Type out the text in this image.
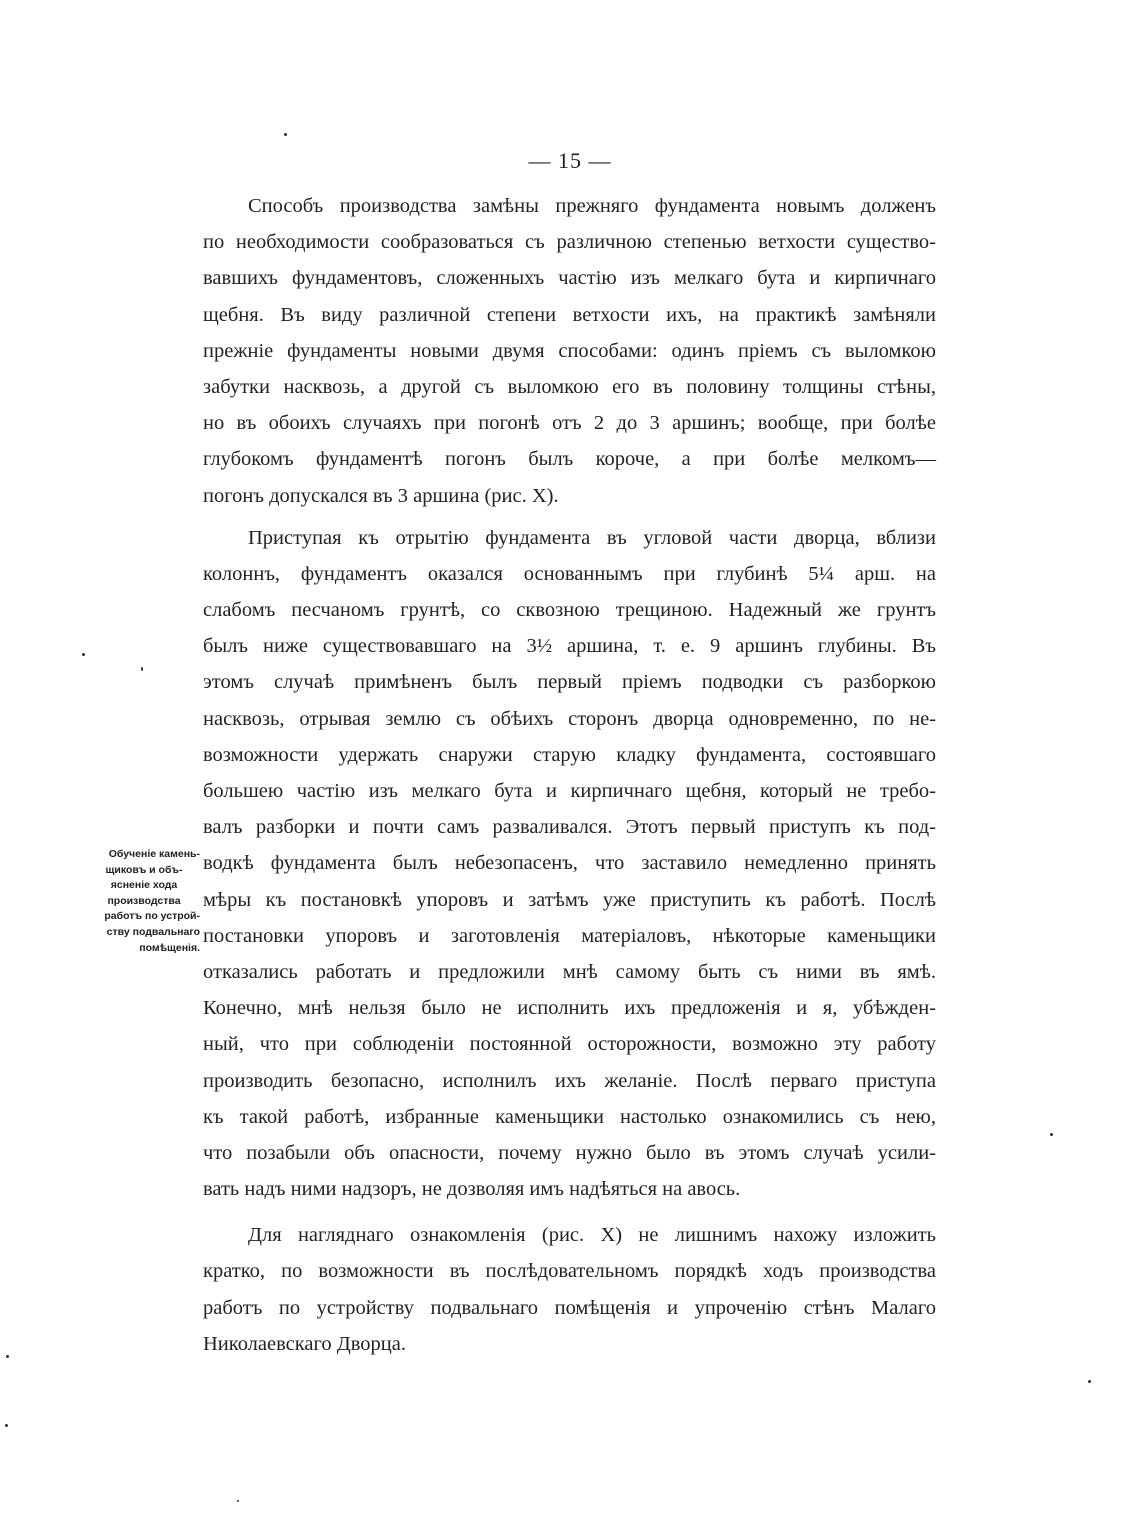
— 15 —

Способъ производства замѣны прежняго фундамента новымъ долженъ

по необходимости сообразоваться съ различною степенью ветхости существо-

вавшихъ фундаментовъ, сложенныхъ частію изъ мелкаго бута и кирпичнаго

щебня. Въ виду различной степени ветхости ихъ, на практикѣ замѣняли

прежніе фундаменты новыми двумя способами: одинъ пріемъ съ выломкою

забутки насквозь, а другой съ выломкою его въ половину толщины стѣны,

но въ обоихъ случаяхъ при погонѣ отъ 2 до 3 аршинъ; вообще, при болѣе

глубокомъ фундаментѣ погонъ былъ короче, а при болѣе мелкомъ—

погонъ допускался въ 3 аршина (рис. X).

Приступая къ отрытію фундамента въ угловой части дворца, вблизи

колоннъ, фундаментъ оказался основаннымъ при глубинѣ 5¼ арш. на

слабомъ песчаномъ грунтѣ, со сквозною трещиною. Надежный же грунтъ

былъ ниже существовавшаго на 3½ аршина, т. е. 9 аршинъ глубины. Въ

этомъ случаѣ примѣненъ былъ первый пріемъ подводки съ разборкою

насквозь, отрывая землю съ обѣихъ сторонъ дворца одновременно, по не-

возможности удержать снаружи старую кладку фундамента, состоявшаго

большею частію изъ мелкаго бута и кирпичнаго щебня, который не требо-

валъ разборки и почти самъ разваливался. Этотъ первый приступъ къ под-

водкѣ фундамента былъ небезопасенъ, что заставило немедленно принять

мѣры къ постановкѣ упоровъ и затѣмъ уже приступить къ работѣ. Послѣ

постановки упоровъ и заготовленія матеріаловъ, нѣкоторые каменьщики

отказались работать и предложили мнѣ самому быть съ ними въ ямѣ.

Конечно, мнѣ нельзя было не исполнить ихъ предложенія и я, убѣжден-

ный, что при соблюденіи постоянной осторожности, возможно эту работу

производить безопасно, исполнилъ ихъ желаніе. Послѣ перваго приступа

къ такой работѣ, избранные каменьщики настолько ознакомились съ нею,

что позабыли объ опасности, почему нужно было въ этомъ случаѣ усили-

вать надъ ними надзоръ, не дозволяя имъ надѣяться на авось.

Для нагляднаго ознакомленія (рис. X) не лишнимъ нахожу изложить

кратко, по возможности въ послѣдовательномъ порядкѣ ходъ производства

работъ по устройству подвальнаго помѣщенія и упроченію стѣнъ Малаго

Николаевскаго Дворца.

Обученіе камень-
щиковъ и объ-
ясненіе хода
производства
работъ по устрой-
ству подвальнаго
помѣщенія.
